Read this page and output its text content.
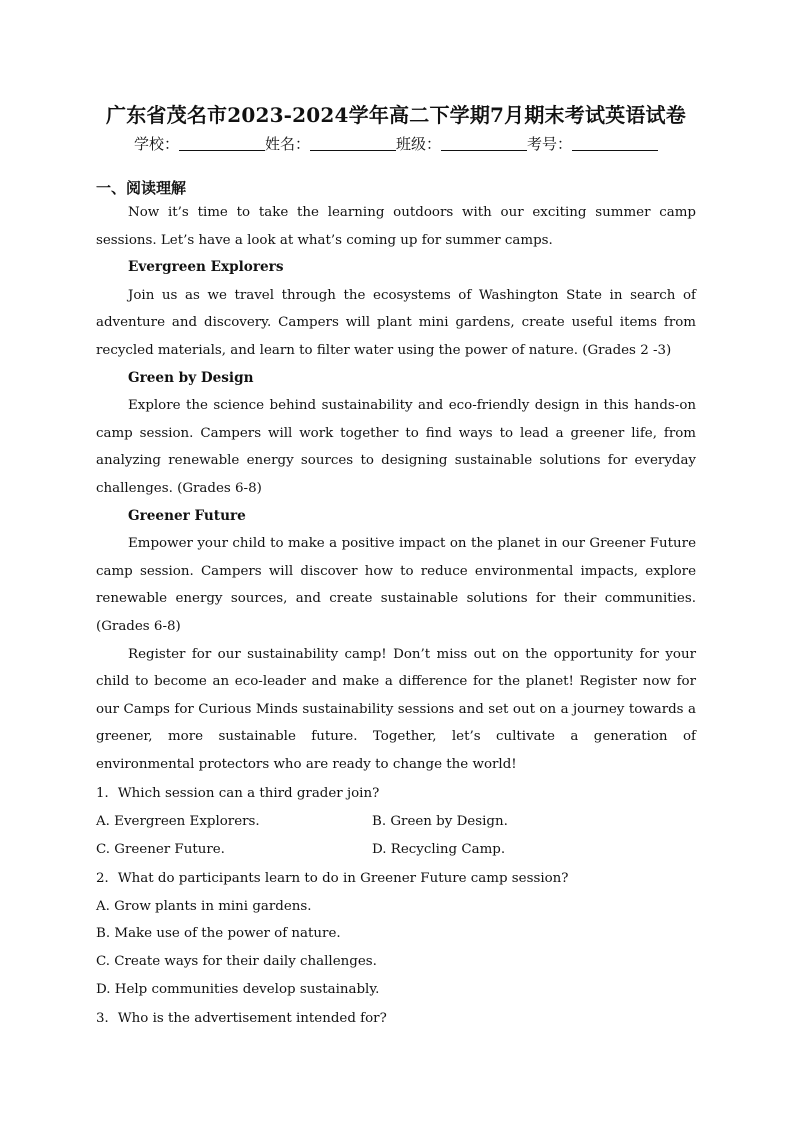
广东省茂名市2023-2024学年高二下学期7月期末考试英语试卷
学校：	姓名：	班级：	考号：
一、阅读理解

Now it’s time to take the learning outdoors with our exciting summer camp sessions. Let’s have a look at what’s coming up for summer camps.

Evergreen Explorers

Join us as we travel through the ecosystems of Washington State in search of adventure and discovery. Campers will plant mini gardens, create useful items from recycled materials, and learn to filter water using the power of nature. (Grades 2 -3)

Green by Design

Explore the science behind sustainability and eco-friendly design in this hands-on camp session. Campers will work together to find ways to lead a greener life, from analyzing renewable energy sources to designing sustainable solutions for everyday challenges. (Grades 6-8)

Greener Future

Empower your child to make a positive impact on the planet in our Greener Future camp session. Campers will discover how to reduce environmental impacts, explore renewable energy sources, and create sustainable solutions for their communities. (Grades 6-8)

Register for our sustainability camp! Don’t miss out on the opportunity for your child to become an eco-leader and make a difference for the planet! Register now for our Camps for Curious Minds sustainability sessions and set out on a journey towards a greener, more sustainable future. Together, let’s cultivate a generation of environmental protectors who are ready to change the world!

1．Which session can a third grader join?
A. Evergreen Explorers.	B. Green by Design.
C. Greener Future.	D. Recycling Camp.
2．What do participants learn to do in Greener Future camp session?
A. Grow plants in mini gardens.
B. Make use of the power of nature.
C. Create ways for their daily challenges.
D. Help communities develop sustainably.
3．Who is the advertisement intended for?
